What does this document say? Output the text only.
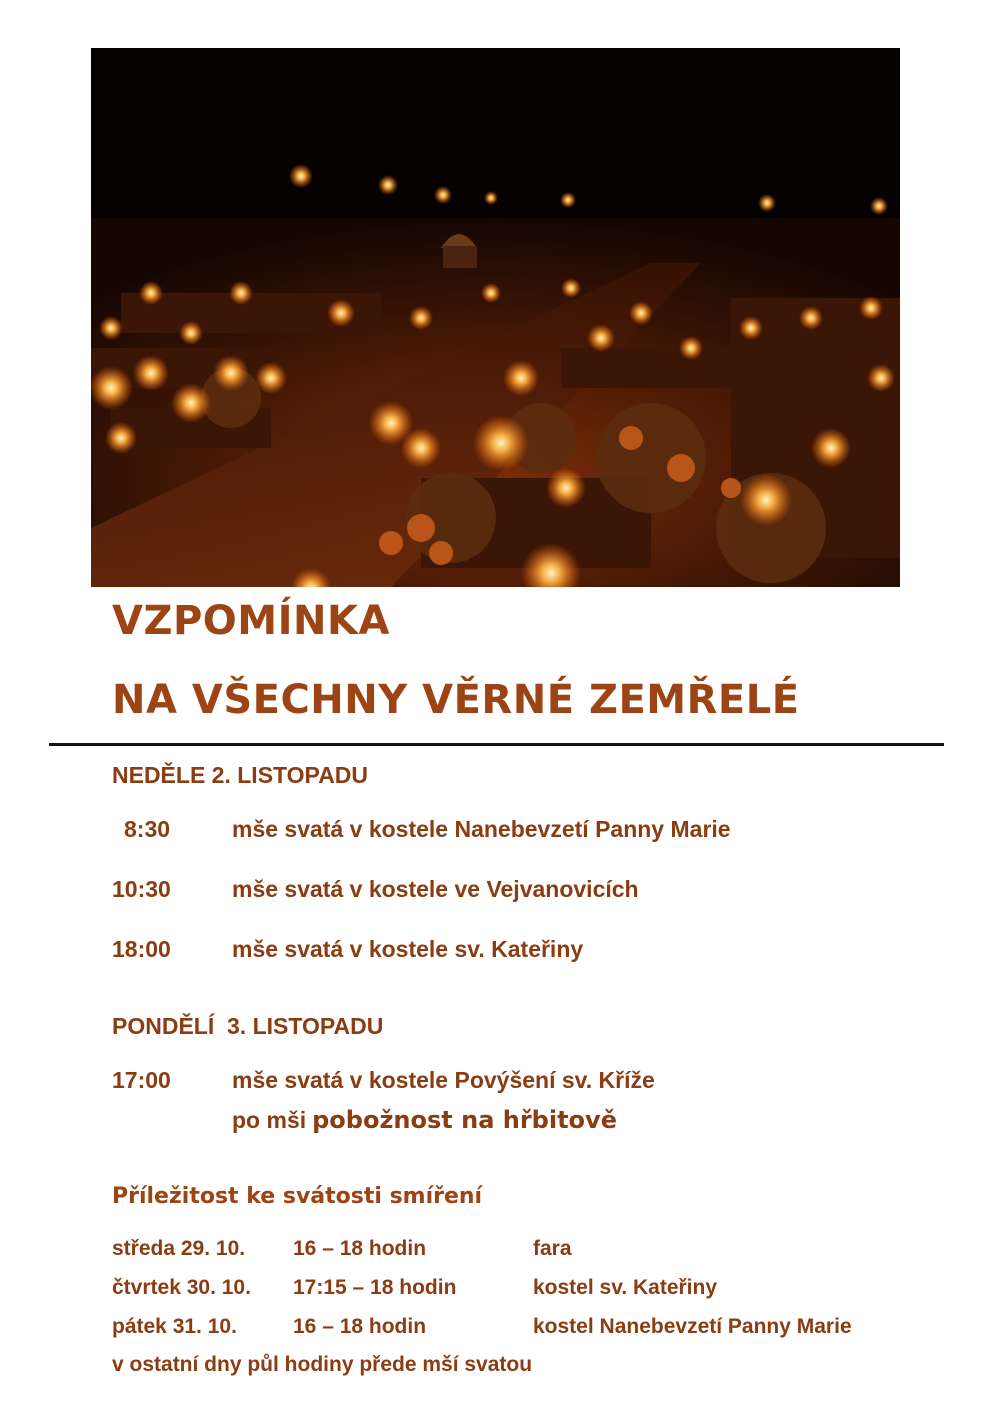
VZPOMÍNKA
NA VŠECHNY VĚRNÉ ZEMŘELÉ
NEDĚLE 2. LISTOPADU
8:30	mše svatá v kostele Nanebevzetí Panny Marie
10:30	mše svatá v kostele ve Vejvanovicích
18:00	mše svatá v kostele sv. Kateřiny
PONDĚLÍ  3. LISTOPADU
17:00	mše svatá v kostele Povýšení sv. Kříže
po mši pobožnost na hřbitově
Příležitost ke svátosti smíření
středa 29. 10. 16 – 18 hodin	fara
čtvrtek 30. 10. 17:15 – 18 hodin	kostel sv. Kateřiny
pátek 31. 10.	16 – 18 hodin	kostel Nanebevzetí Panny Marie
v ostatní dny půl hodiny přede mší svatou
